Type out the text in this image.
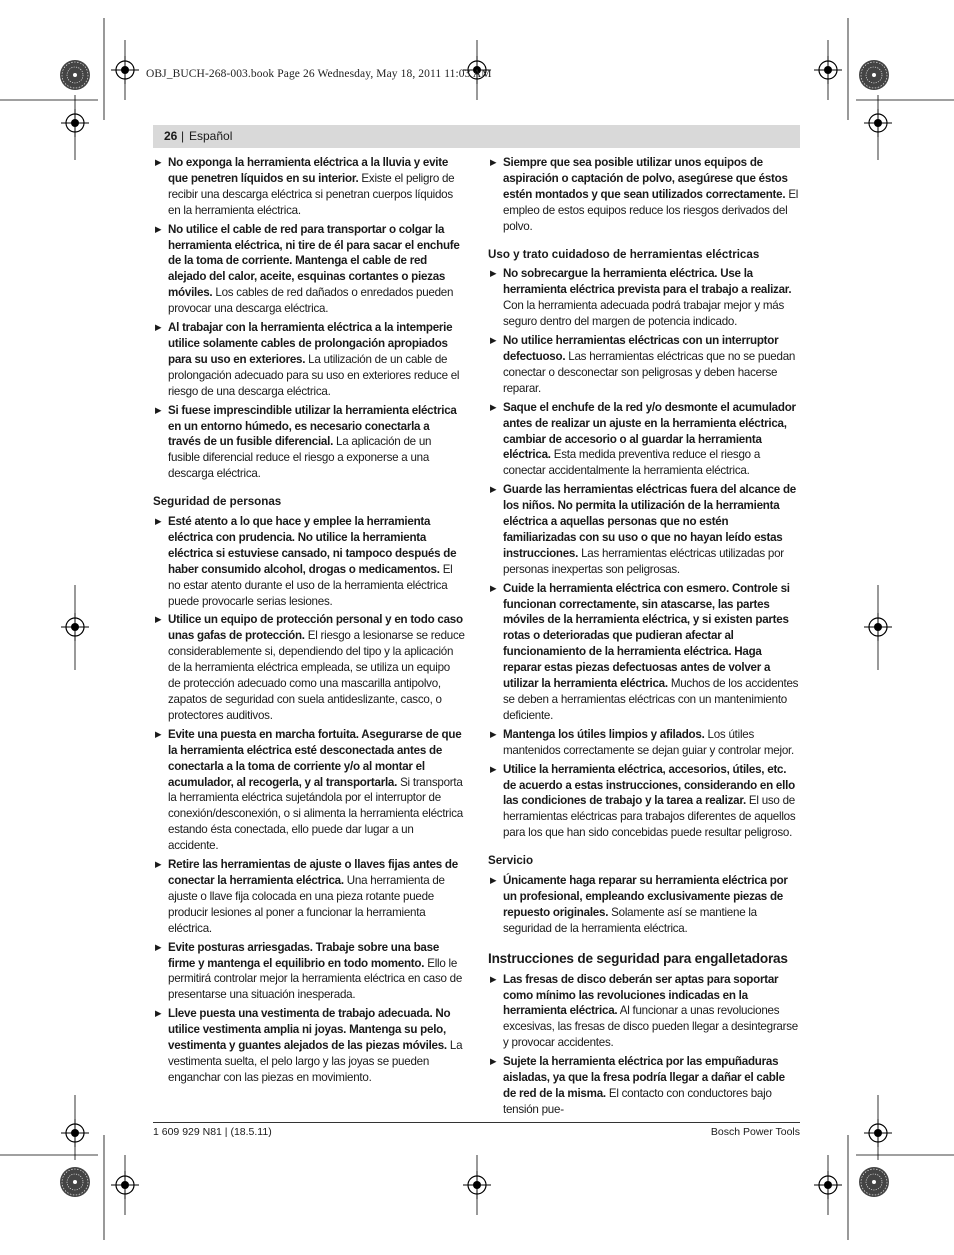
OBJ_BUCH-268-003.book Page 26 Wednesday, May 18, 2011 11:03 AM
26 | Español
▶ No exponga la herramienta eléctrica a la lluvia y evite que penetren líquidos en su interior. Existe el peligro de recibir una descarga eléctrica si penetran cuerpos líquidos en la herramienta eléctrica.
▶ No utilice el cable de red para transportar o colgar la herramienta eléctrica, ni tire de él para sacar el enchufe de la toma de corriente. Mantenga el cable de red alejado del calor, aceite, esquinas cortantes o piezas móviles. Los cables de red dañados o enredados pueden provocar una descarga eléctrica.
▶ Al trabajar con la herramienta eléctrica a la intemperie utilice solamente cables de prolongación apropiados para su uso en exteriores. La utilización de un cable de prolongación adecuado para su uso en exteriores reduce el riesgo de una descarga eléctrica.
▶ Si fuese imprescindible utilizar la herramienta eléctrica en un entorno húmedo, es necesario conectarla a través de un fusible diferencial. La aplicación de un fusible diferencial reduce el riesgo a exponerse a una descarga eléctrica.
Seguridad de personas
▶ Esté atento a lo que hace y emplee la herramienta eléctrica con prudencia. No utilice la herramienta eléctrica si estuviese cansado, ni tampoco después de haber consumido alcohol, drogas o medicamentos. El no estar atento durante el uso de la herramienta eléctrica puede provocarle serias lesiones.
▶ Utilice un equipo de protección personal y en todo caso unas gafas de protección. El riesgo a lesionarse se reduce considerablemente si, dependiendo del tipo y la aplicación de la herramienta eléctrica empleada, se utiliza un equipo de protección adecuado como una mascarilla antipolvo, zapatos de seguridad con suela antideslizante, casco, o protectores auditivos.
▶ Evite una puesta en marcha fortuita. Asegurarse de que la herramienta eléctrica esté desconectada antes de conectarla a la toma de corriente y/o al montar el acumulador, al recogerla, y al transportarla. Si transporta la herramienta eléctrica sujetándola por el interruptor de conexión/desconexión, o si alimenta la herramienta eléctrica estando ésta conectada, ello puede dar lugar a un accidente.
▶ Retire las herramientas de ajuste o llaves fijas antes de conectar la herramienta eléctrica. Una herramienta de ajuste o llave fija colocada en una pieza rotante puede producir lesiones al poner a funcionar la herramienta eléctrica.
▶ Evite posturas arriesgadas. Trabaje sobre una base firme y mantenga el equilibrio en todo momento. Ello le permitirá controlar mejor la herramienta eléctrica en caso de presentarse una situación inesperada.
▶ Lleve puesta una vestimenta de trabajo adecuada. No utilice vestimenta amplia ni joyas. Mantenga su pelo, vestimenta y guantes alejados de las piezas móviles. La vestimenta suelta, el pelo largo y las joyas se pueden enganchar con las piezas en movimiento.
▶ Siempre que sea posible utilizar unos equipos de aspiración o captación de polvo, asegúrese que éstos estén montados y que sean utilizados correctamente. El empleo de estos equipos reduce los riesgos derivados del polvo.
Uso y trato cuidadoso de herramientas eléctricas
▶ No sobrecargue la herramienta eléctrica. Use la herramienta eléctrica prevista para el trabajo a realizar. Con la herramienta adecuada podrá trabajar mejor y más seguro dentro del margen de potencia indicado.
▶ No utilice herramientas eléctricas con un interruptor defectuoso. Las herramientas eléctricas que no se puedan conectar o desconectar son peligrosas y deben hacerse reparar.
▶ Saque el enchufe de la red y/o desmonte el acumulador antes de realizar un ajuste en la herramienta eléctrica, cambiar de accesorio o al guardar la herramienta eléctrica. Esta medida preventiva reduce el riesgo a conectar accidentalmente la herramienta eléctrica.
▶ Guarde las herramientas eléctricas fuera del alcance de los niños. No permita la utilización de la herramienta eléctrica a aquellas personas que no estén familiarizadas con su uso o que no hayan leído estas instrucciones. Las herramientas eléctricas utilizadas por personas inexpertas son peligrosas.
▶ Cuide la herramienta eléctrica con esmero. Controle si funcionan correctamente, sin atascarse, las partes móviles de la herramienta eléctrica, y si existen partes rotas o deterioradas que pudieran afectar al funcionamiento de la herramienta eléctrica. Haga reparar estas piezas defectuosas antes de volver a utilizar la herramienta eléctrica. Muchos de los accidentes se deben a herramientas eléctricas con un mantenimiento deficiente.
▶ Mantenga los útiles limpios y afilados. Los útiles mantenidos correctamente se dejan guiar y controlar mejor.
▶ Utilice la herramienta eléctrica, accesorios, útiles, etc. de acuerdo a estas instrucciones, considerando en ello las condiciones de trabajo y la tarea a realizar. El uso de herramientas eléctricas para trabajos diferentes de aquellos para los que han sido concebidas puede resultar peligroso.
Servicio
▶ Únicamente haga reparar su herramienta eléctrica por un profesional, empleando exclusivamente piezas de repuesto originales. Solamente así se mantiene la seguridad de la herramienta eléctrica.
Instrucciones de seguridad para engalletadoras
▶ Las fresas de disco deberán ser aptas para soportar como mínimo las revoluciones indicadas en la herramienta eléctrica. Al funcionar a unas revoluciones excesivas, las fresas de disco pueden llegar a desintegrarse y provocar accidentes.
▶ Sujete la herramienta eléctrica por las empuñaduras aisladas, ya que la fresa podría llegar a dañar el cable de red de la misma. El contacto con conductores bajo tensión pue-
1 609 929 N81 | (18.5.11)	Bosch Power Tools
